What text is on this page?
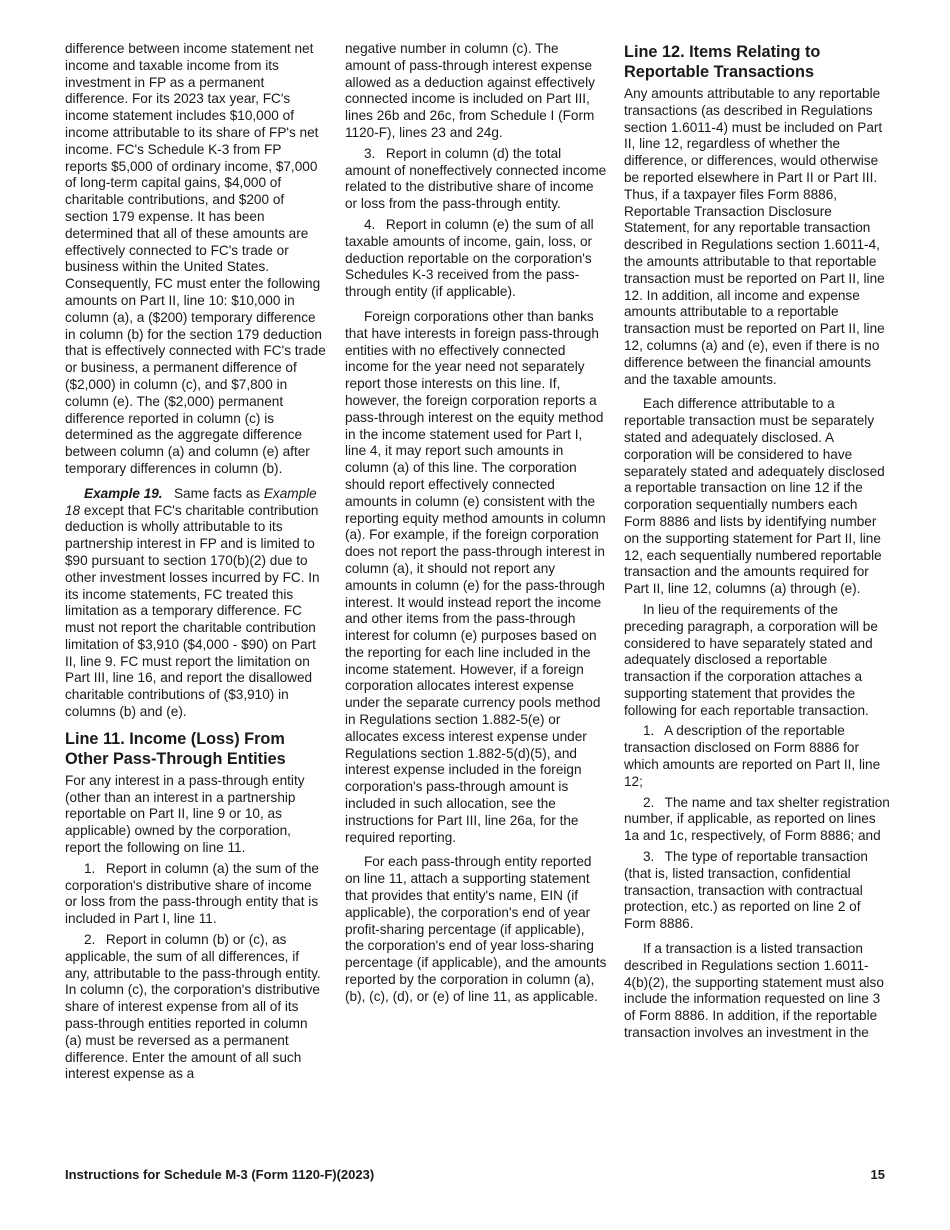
difference between income statement net income and taxable income from its investment in FP as a permanent difference. For its 2023 tax year, FC's income statement includes $10,000 of income attributable to its share of FP's net income. FC's Schedule K-3 from FP reports $5,000 of ordinary income, $7,000 of long-term capital gains, $4,000 of charitable contributions, and $200 of section 179 expense. It has been determined that all of these amounts are effectively connected to FC's trade or business within the United States. Consequently, FC must enter the following amounts on Part II, line 10: $10,000 in column (a), a ($200) temporary difference in column (b) for the section 179 deduction that is effectively connected with FC's trade or business, a permanent difference of ($2,000) in column (c), and $7,800 in column (e). The ($2,000) permanent difference reported in column (c) is determined as the aggregate difference between column (a) and column (e) after temporary differences in column (b).

Example 19. Same facts as Example 18 except that FC's charitable contribution deduction is wholly attributable to its partnership interest in FP and is limited to $90 pursuant to section 170(b)(2) due to other investment losses incurred by FC. In its income statements, FC treated this limitation as a temporary difference. FC must not report the charitable contribution limitation of $3,910 ($4,000 - $90) on Part II, line 9. FC must report the limitation on Part III, line 16, and report the disallowed charitable contributions of ($3,910) in columns (b) and (e).

Line 11. Income (Loss) From Other Pass-Through Entities

For any interest in a pass-through entity (other than an interest in a partnership reportable on Part II, line 9 or 10, as applicable) owned by the corporation, report the following on line 11.

1.  Report in column (a) the sum of the corporation's distributive share of income or loss from the pass-through entity that is included in Part I, line 11.

2.  Report in column (b) or (c), as applicable, the sum of all differences, if any, attributable to the pass-through entity. In column (c), the corporation's distributive share of interest expense from all of its pass-through entities reported in column (a) must be reversed as a permanent difference. Enter the amount of all such interest expense as a

negative number in column (c). The amount of pass-through interest expense allowed as a deduction against effectively connected income is included on Part III, lines 26b and 26c, from Schedule I (Form 1120-F), lines 23 and 24g.

3.  Report in column (d) the total amount of noneffectively connected income related to the distributive share of income or loss from the pass-through entity.

4.  Report in column (e) the sum of all taxable amounts of income, gain, loss, or deduction reportable on the corporation's Schedules K-3 received from the pass-through entity (if applicable).

Foreign corporations other than banks that have interests in foreign pass-through entities with no effectively connected income for the year need not separately report those interests on this line. If, however, the foreign corporation reports a pass-through interest on the equity method in the income statement used for Part I, line 4, it may report such amounts in column (a) of this line. The corporation should report effectively connected amounts in column (e) consistent with the reporting equity method amounts in column (a). For example, if the foreign corporation does not report the pass-through interest in column (a), it should not report any amounts in column (e) for the pass-through interest. It would instead report the income and other items from the pass-through interest for column (e) purposes based on the reporting for each line included in the income statement. However, if a foreign corporation allocates interest expense under the separate currency pools method in Regulations section 1.882-5(e) or allocates excess interest expense under Regulations section 1.882-5(d)(5), and interest expense included in the foreign corporation's pass-through amount is included in such allocation, see the instructions for Part III, line 26a, for the required reporting.

For each pass-through entity reported on line 11, attach a supporting statement that provides that entity's name, EIN (if applicable), the corporation's end of year profit-sharing percentage (if applicable), the corporation's end of year loss-sharing percentage (if applicable), and the amounts reported by the corporation in column (a), (b), (c), (d), or (e) of line 11, as applicable.

Line 12. Items Relating to Reportable Transactions

Any amounts attributable to any reportable transactions (as described in Regulations section 1.6011-4) must be included on Part II, line 12, regardless of whether the difference, or differences, would otherwise be reported elsewhere in Part II or Part III. Thus, if a taxpayer files Form 8886, Reportable Transaction Disclosure Statement, for any reportable transaction described in Regulations section 1.6011-4, the amounts attributable to that reportable transaction must be reported on Part II, line 12. In addition, all income and expense amounts attributable to a reportable transaction must be reported on Part II, line 12, columns (a) and (e), even if there is no difference between the financial amounts and the taxable amounts.

Each difference attributable to a reportable transaction must be separately stated and adequately disclosed. A corporation will be considered to have separately stated and adequately disclosed a reportable transaction on line 12 if the corporation sequentially numbers each Form 8886 and lists by identifying number on the supporting statement for Part II, line 12, each sequentially numbered reportable transaction and the amounts required for Part II, line 12, columns (a) through (e).

In lieu of the requirements of the preceding paragraph, a corporation will be considered to have separately stated and adequately disclosed a reportable transaction if the corporation attaches a supporting statement that provides the following for each reportable transaction.

1.  A description of the reportable transaction disclosed on Form 8886 for which amounts are reported on Part II, line 12;

2.  The name and tax shelter registration number, if applicable, as reported on lines 1a and 1c, respectively, of Form 8886; and

3.  The type of reportable transaction (that is, listed transaction, confidential transaction, transaction with contractual protection, etc.) as reported on line 2 of Form 8886.

If a transaction is a listed transaction described in Regulations section 1.6011-4(b)(2), the supporting statement must also include the information requested on line 3 of Form 8886. In addition, if the reportable transaction involves an investment in the

Instructions for Schedule M-3 (Form 1120-F)(2023)	15
